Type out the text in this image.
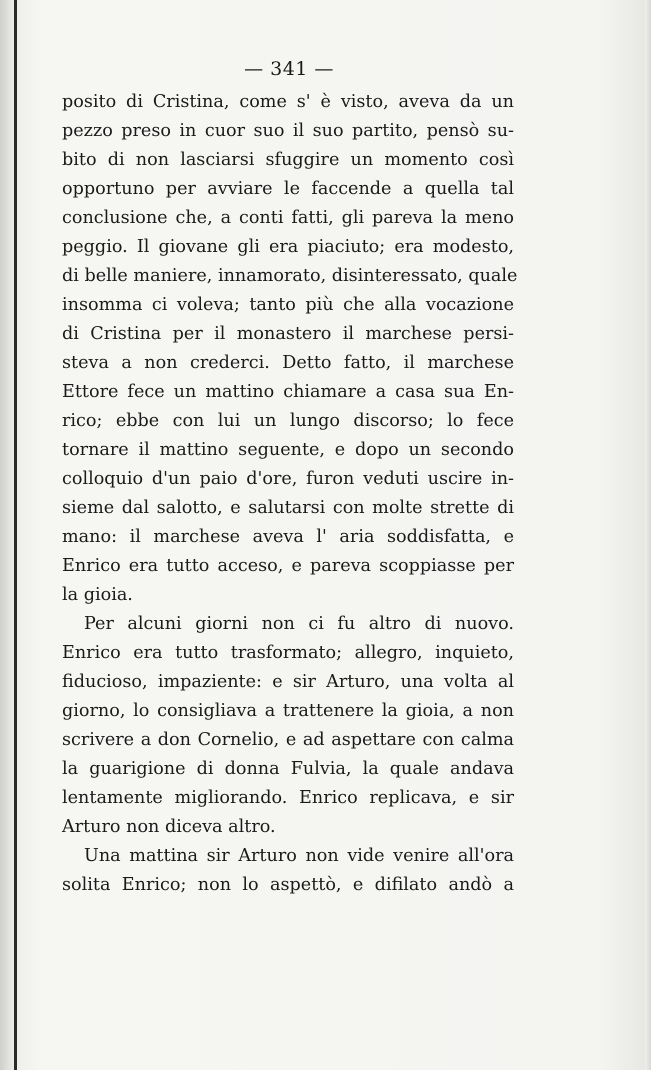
— 341 —
posito di Cristina, come s' è visto, aveva da un
pezzo preso in cuor suo il suo partito, pensò su-
bito di non lasciarsi sfuggire un momento così
opportuno per avviare le faccende a quella tal
conclusione che, a conti fatti, gli pareva la meno
peggio. Il giovane gli era piaciuto; era modesto,
di belle maniere, innamorato, disinteressato, quale
insomma ci voleva; tanto più che alla vocazione
di Cristina per il monastero il marchese persi-
steva a non crederci. Detto fatto, il marchese
Ettore fece un mattino chiamare a casa sua En-
rico; ebbe con lui un lungo discorso; lo fece
tornare il mattino seguente, e dopo un secondo
colloquio d'un paio d'ore, furon veduti uscire in-
sieme dal salotto, e salutarsi con molte strette di
mano: il marchese aveva l' aria soddisfatta, e
Enrico era tutto acceso, e pareva scoppiasse per
la gioia.
Per alcuni giorni non ci fu altro di nuovo.
Enrico era tutto trasformato; allegro, inquieto,
fiducioso, impaziente: e sir Arturo, una volta al
giorno, lo consigliava a trattenere la gioia, a non
scrivere a don Cornelio, e ad aspettare con calma
la guarigione di donna Fulvia, la quale andava
lentamente migliorando. Enrico replicava, e sir
Arturo non diceva altro.
Una mattina sir Arturo non vide venire all'ora
solita Enrico; non lo aspettò, e difilato andò a
